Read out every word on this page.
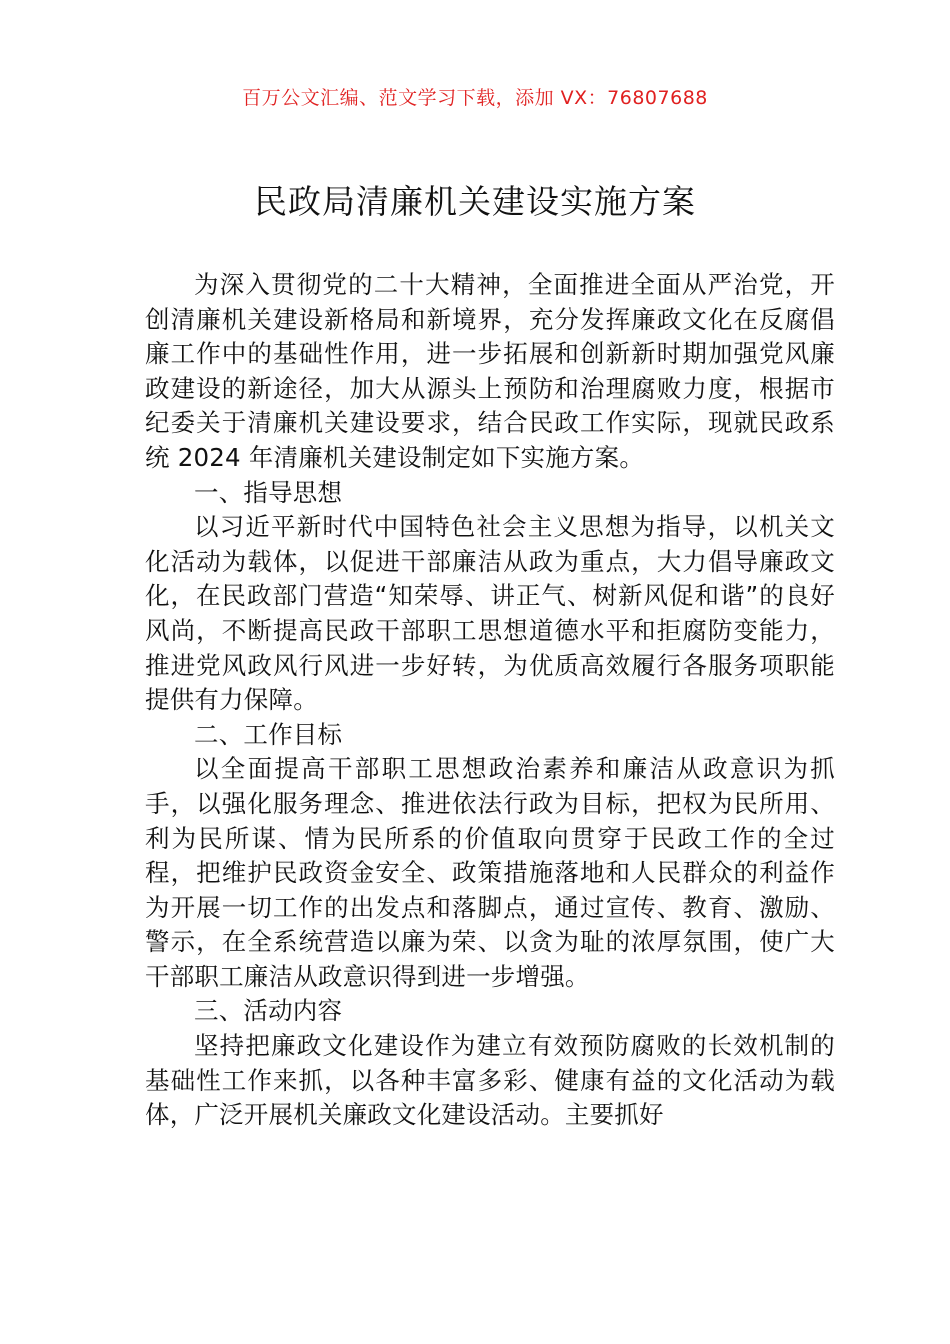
百万公文汇编、范文学习下载，添加 VX：76807688
民政局清廉机关建设实施方案

为深入贯彻党的二十大精神，全面推进全面从严治党，开创清廉机关建设新格局和新境界，充分发挥廉政文化在反腐倡廉工作中的基础性作用，进一步拓展和创新新时期加强党风廉政建设的新途径，加大从源头上预防和治理腐败力度，根据市纪委关于清廉机关建设要求，结合民政工作实际，现就民政系统 2024 年清廉机关建设制定如下实施方案。

一、指导思想

以习近平新时代中国特色社会主义思想为指导，以机关文化活动为载体，以促进干部廉洁从政为重点，大力倡导廉政文化，在民政部门营造“知荣辱、讲正气、树新风促和谐”的良好风尚，不断提高民政干部职工思想道德水平和拒腐防变能力，推进党风政风行风进一步好转，为优质高效履行各服务项职能提供有力保障。

二、工作目标

以全面提高干部职工思想政治素养和廉洁从政意识为抓手，以强化服务理念、推进依法行政为目标，把权为民所用、利为民所谋、情为民所系的价值取向贯穿于民政工作的全过程，把维护民政资金安全、政策措施落地和人民群众的利益作为开展一切工作的出发点和落脚点，通过宣传、教育、激励、警示，在全系统营造以廉为荣、以贪为耻的浓厚氛围，使广大干部职工廉洁从政意识得到进一步增强。

三、活动内容

坚持把廉政文化建设作为建立有效预防腐败的长效机制的基础性工作来抓，以各种丰富多彩、健康有益的文化活动为载体，广泛开展机关廉政文化建设活动。主要抓好
